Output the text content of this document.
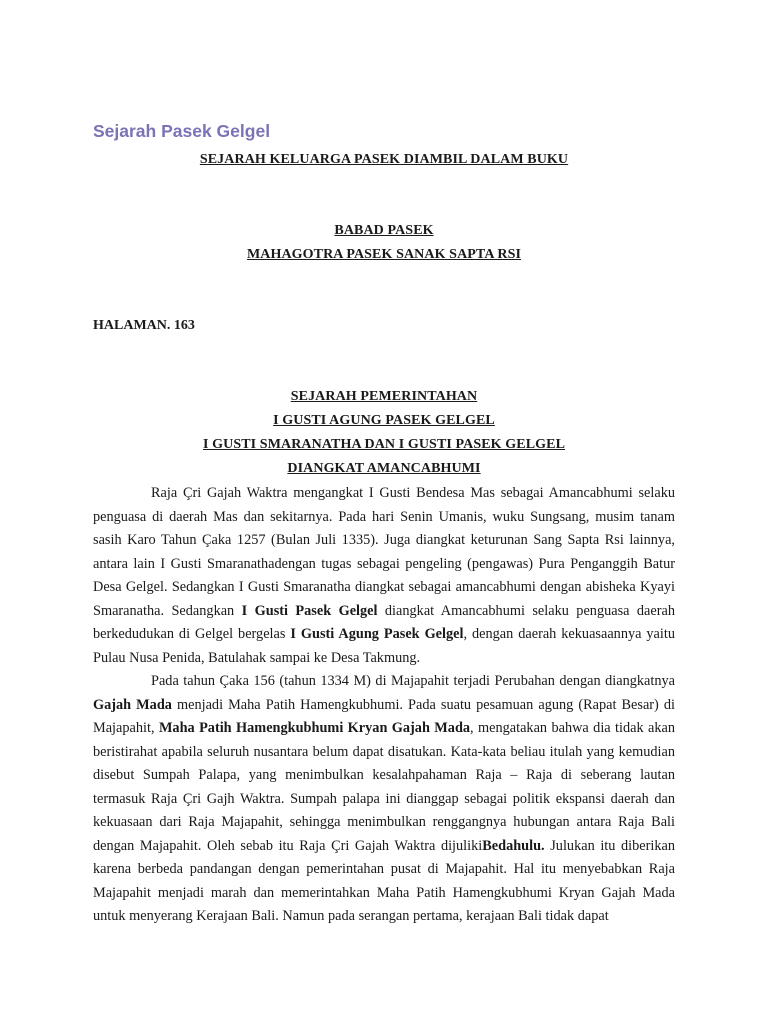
Sejarah Pasek Gelgel
SEJARAH KELUARGA PASEK DIAMBIL DALAM BUKU
BABAD PASEK
MAHAGOTRA PASEK SANAK SAPTA RSI
HALAMAN. 163
SEJARAH PEMERINTAHAN
I GUSTI AGUNG PASEK GELGEL
I GUSTI SMARANATHA DAN I GUSTI PASEK GELGEL
DIANGKAT AMANCABHUMI

Raja Çri Gajah Waktra mengangkat I Gusti Bendesa Mas sebagai Amancabhumi selaku penguasa di daerah Mas dan sekitarnya. Pada hari Senin Umanis, wuku Sungsang, musim tanam sasih Karo Tahun Çaka 1257 (Bulan Juli 1335). Juga diangkat keturunan Sang Sapta Rsi lainnya, antara lain I Gusti Smaranathadengan tugas sebagai pengeling (pengawas) Pura Penganggih Batur Desa Gelgel. Sedangkan I Gusti Smaranatha diangkat sebagai amancabhumi dengan abisheka Kyayi Smaranatha. Sedangkan I Gusti Pasek Gelgel diangkat Amancabhumi selaku penguasa daerah berkedudukan di Gelgel bergelas I Gusti Agung Pasek Gelgel, dengan daerah kekuasaannya yaitu Pulau Nusa Penida, Batulahak sampai ke Desa Takmung.

Pada tahun Çaka 156 (tahun 1334 M) di Majapahit terjadi Perubahan dengan diangkatnya Gajah Mada menjadi Maha Patih Hamengkubhumi. Pada suatu pesamuan agung (Rapat Besar) di Majapahit, Maha Patih Hamengkubhumi Kryan Gajah Mada, mengatakan bahwa dia tidak akan beristirahat apabila seluruh nusantara belum dapat disatukan. Kata-kata beliau itulah yang kemudian disebut Sumpah Palapa, yang menimbulkan kesalahpahaman Raja – Raja di seberang lautan termasuk Raja Çri Gajh Waktra. Sumpah palapa ini dianggap sebagai politik ekspansi daerah dan kekuasaan dari Raja Majapahit, sehingga menimbulkan renggangnya hubungan antara Raja Bali dengan Majapahit. Oleh sebab itu Raja Çri Gajah Waktra dijulikiBedahulu. Julukan itu diberikan karena berbeda pandangan dengan pemerintahan pusat di Majapahit. Hal itu menyebabkan Raja Majapahit menjadi marah dan memerintahkan Maha Patih Hamengkubhumi Kryan Gajah Mada untuk menyerang Kerajaan Bali. Namun pada serangan pertama, kerajaan Bali tidak dapat
